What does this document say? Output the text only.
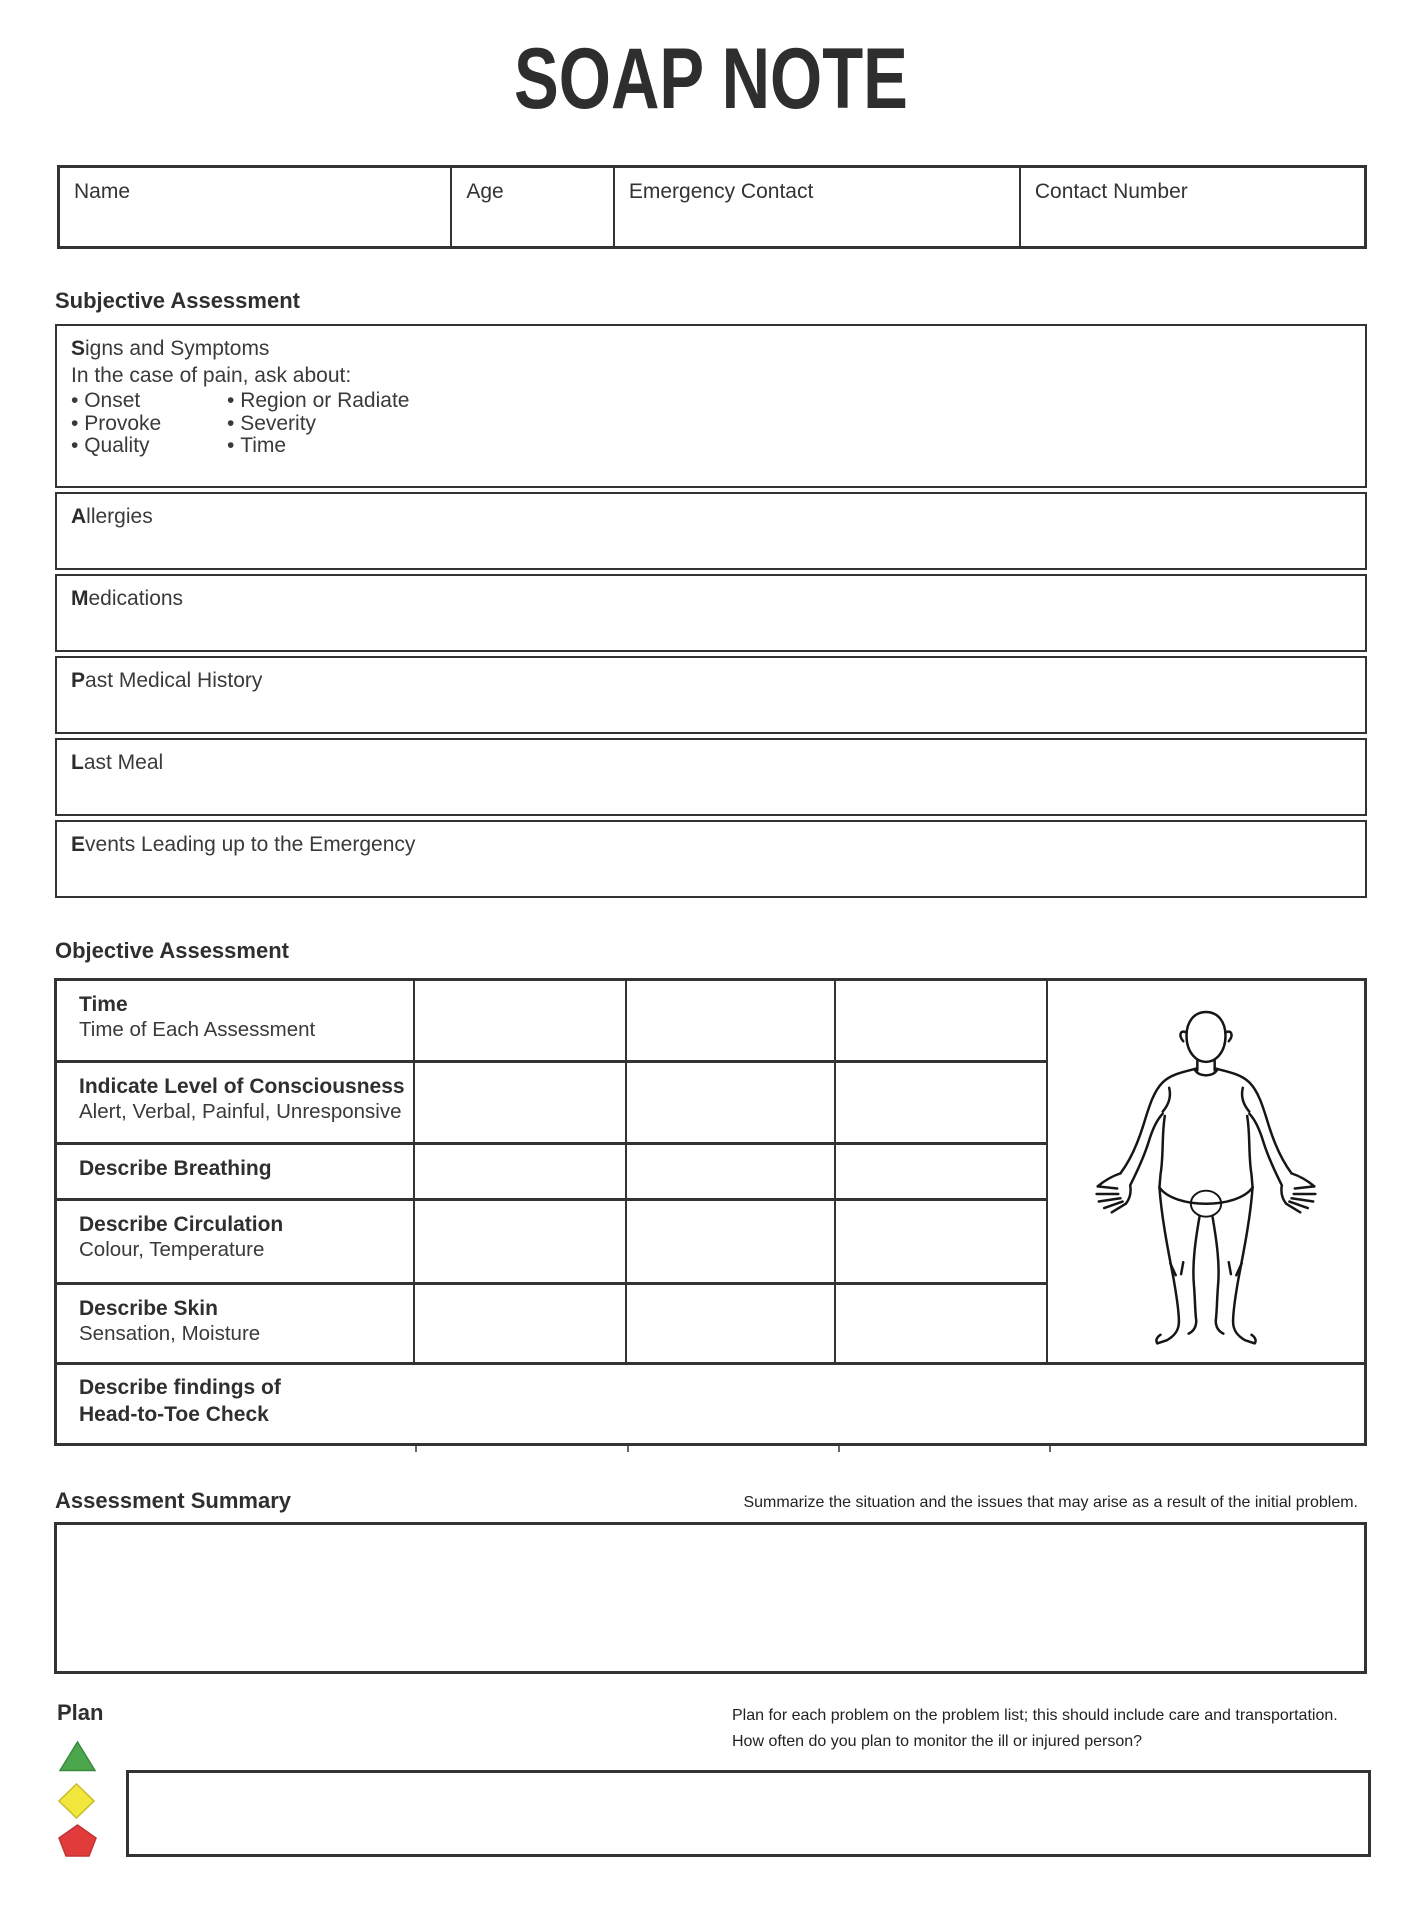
SOAP NOTE
Name	Age	Emergency Contact	Contact Number
Subjective Assessment
Signs and Symptoms
In the case of pain, ask about:
• Onset
• Provoke
• Quality
• Region or Radiate
• Severity
• Time
Allergies
Medications
Past Medical History
Last Meal
Events Leading up to the Emergency
Objective Assessment
Time
Time of Each Assessment
Indicate Level of Consciousness
Alert, Verbal, Painful, Unresponsive
Describe Breathing
Describe Circulation
Colour, Temperature
Describe Skin
Sensation, Moisture
Describe findings of
Head-to-Toe Check
Assessment Summary	Summarize the situation and the issues that may arise as a result of the initial problem.
Plan	Plan for each problem on the problem list; this should include care and transportation.
How often do you plan to monitor the ill or injured person?
